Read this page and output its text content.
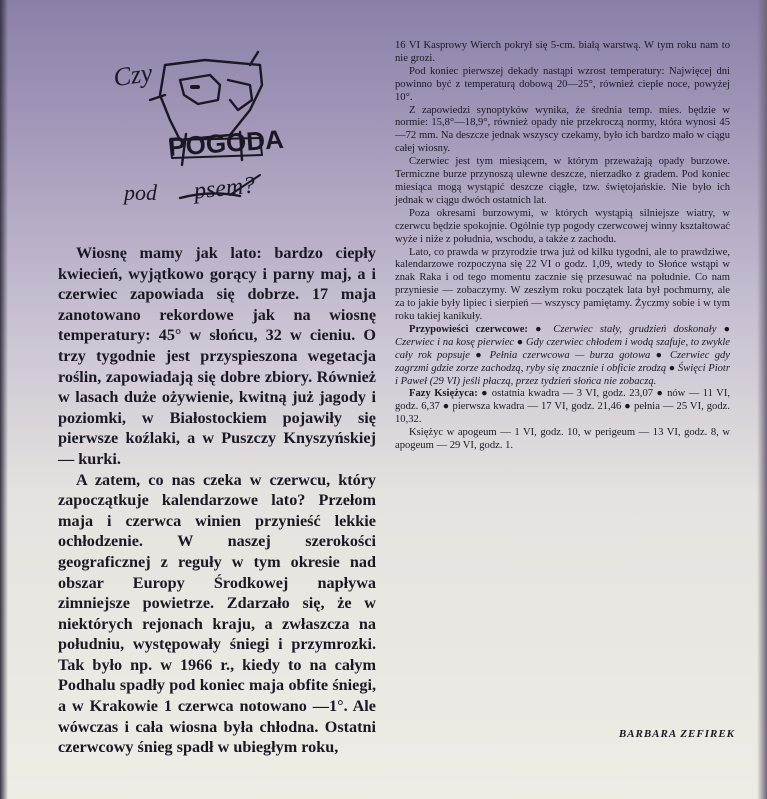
Czy
POGODA
pod psem?

Wiosnę mamy jak lato: bardzo ciepły kwiecień, wyjątkowo gorący i parny maj, a i czerwiec zapowiada się dobrze. 17 maja zanotowano rekordowe jak na wiosnę temperatury: 45° w słońcu, 32 w cieniu. O trzy tygodnie jest przyspieszona wegetacja roślin, zapowiadają się dobre zbiory. Również w lasach duże ożywienie, kwitną już jagody i poziomki, w Białostockiem pojawiły się pierwsze koźlaki, a w Puszczy Knyszyńskiej — kurki.

A zatem, co nas czeka w czerwcu, który zapoczątkuje kalendarzowe lato? Przełom maja i czerwca winien przynieść lekkie ochłodzenie. W naszej szerokości geograficznej z reguły w tym okresie nad obszar Europy Środkowej napływa zimniejsze powietrze. Zdarzało się, że w niektórych rejonach kraju, a zwłaszcza na południu, występowały śniegi i przymrozki. Tak było np. w 1966 r., kiedy to na całym Podhalu spadły pod koniec maja obfite śniegi, a w Krakowie 1 czerwca notowano —1°. Ale wówczas i cała wiosna była chłodna. Ostatni czerwcowy śnieg spadł w ubiegłym roku,

16 VI Kasprowy Wierch pokrył się 5-cm. białą warstwą. W tym roku nam to nie grozi.

Pod koniec pierwszej dekady nastąpi wzrost temperatury: Najwięcej dni powinno być z temperaturą dobową 20—25°, również ciepłe noce, powyżej 10°.

Z zapowiedzi synoptyków wynika, że średnia temp. mies. będzie w normie: 15,8°—18,9°, również opady nie przekroczą normy, która wynosi 45—72 mm. Na deszcze jednak wszyscy czekamy, było ich bardzo mało w ciągu całej wiosny.

Czerwiec jest tym miesiącem, w którym przeważają opady burzowe. Termiczne burze przynoszą ulewne deszcze, nierzadko z gradem. Pod koniec miesiąca mogą wystąpić deszcze ciągłe, tzw. świętojańskie. Nie było ich jednak w ciągu dwóch ostatnich lat.

Poza okresami burzowymi, w których wystąpią silniejsze wiatry, w czerwcu będzie spokojnie. Ogólnie typ pogody czerwcowej winny kształtować wyże i niże z południa, wschodu, a także z zachodu.

Lato, co prawda w przyrodzie trwa już od kilku tygodni, ale to prawdziwe, kalendarzowe rozpoczyna się 22 VI o godz. 1,09, wtedy to Słońce wstąpi w znak Raka i od tego momentu zacznie się przesuwać na południe. Co nam przyniesie — zobaczymy. W zeszłym roku początek lata był pochmurny, ale za to jakie były lipiec i sierpień — wszyscy pamiętamy. Życzmy sobie i w tym roku takiej kanikuły.

Przypowieści czerwcowe: ● Czerwiec stały, grudzień doskonały ● Czerwiec i na kosę pierwiec ● Gdy czerwiec chłodem i wodą szafuje, to zwykle cały rok popsuje ● Pełnia czerwcowa — burza gotowa ● Czerwiec gdy zagrzmi gdzie zorze zachodzą, ryby się znacznie i obficie zrodzą ● Święci Piotr i Paweł (29 VI) jeśli płaczą, przez tydzień słońca nie zobaczą.

Fazy Księżyca: ● ostatnia kwadra — 3 VI, godz. 23,07 ● nów — 11 VI, godz. 6,37 ● pierwsza kwadra — 17 VI, godz. 21,46 ● pełnia — 25 VI, godz. 10,32.

Księżyc w apogeum — 1 VI, godz. 10, w perigeum — 13 VI, godz. 8, w apogeum — 29 VI, godz. 1.

BARBARA ZEFIREK
